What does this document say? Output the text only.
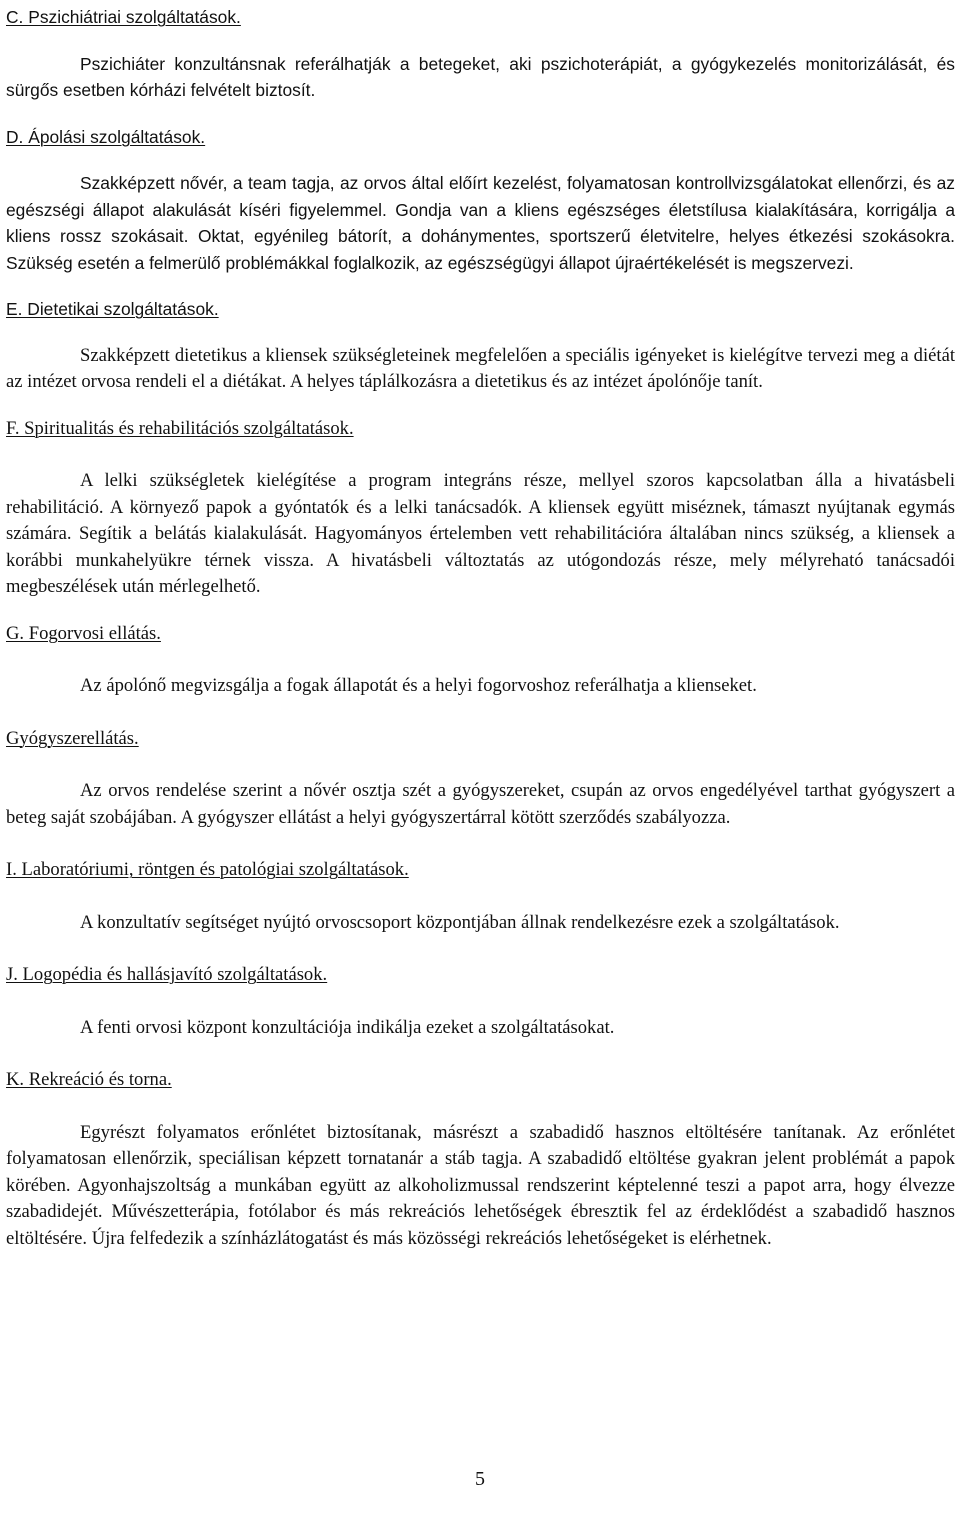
C. Pszichiátriai szolgáltatások.

Pszichiáter konzultánsnak referálhatják a betegeket, aki pszichoterápiát, a gyógykezelés monitorizálását, és sürgős esetben kórházi felvételt biztosít.

D. Ápolási szolgáltatások.

Szakképzett nővér, a team tagja, az orvos által előírt kezelést, folyamatosan kontrollvizsgálatokat ellenőrzi, és az egészségi állapot alakulását kíséri figyelemmel. Gondja van a kliens egészséges életstílusa kialakítására, korrigálja a kliens rossz szokásait. Oktat, egyénileg bátorít, a dohánymentes, sportszerű életvitelre, helyes étkezési szokásokra. Szükség esetén a felmerülő problémákkal foglalkozik, az egészségügyi állapot újraértékelését is megszervezi.

E. Dietetikai szolgáltatások.

Szakképzett dietetikus a kliensek szükségleteinek megfelelően a speciális igényeket is kielégítve tervezi meg a diétát az intézet orvosa rendeli el a diétákat. A helyes táplálkozásra a dietetikus és az intézet ápolónője tanít.

F. Spiritualitás és rehabilitációs szolgáltatások.

A lelki szükségletek kielégítése a program integráns része, mellyel szoros kapcsolatban álla a hivatásbeli rehabilitáció. A környező papok a gyóntatók és a lelki tanácsadók. A kliensek együtt miséznek, támaszt nyújtanak egymás számára. Segítik a belátás kialakulását. Hagyományos értelemben vett rehabilitációra általában nincs szükség, a kliensek a korábbi munkahelyükre térnek vissza. A hivatásbeli változtatás az utógondozás része, mely mélyreható tanácsadói megbeszélések után mérlegelhető.

G. Fogorvosi ellátás.

Az ápolónő megvizsgálja a fogak állapotát és a helyi fogorvoshoz referálhatja a klienseket.

Gyógyszerellátás.

Az orvos rendelése szerint a nővér osztja szét a gyógyszereket, csupán az orvos engedélyével tarthat gyógyszert a beteg saját szobájában. A gyógyszer ellátást a helyi gyógyszertárral kötött szerződés szabályozza.

I. Laboratóriumi, röntgen és patológiai szolgáltatások.

A konzultatív segítséget nyújtó orvoscsoport központjában állnak rendelkezésre ezek a szolgáltatások.

J. Logopédia és hallásjavító szolgáltatások.

A fenti orvosi központ konzultációja indikálja ezeket a szolgáltatásokat.

K. Rekreáció és torna.

Egyrészt folyamatos erőnlétet biztosítanak, másrészt a szabadidő hasznos eltöltésére tanítanak. Az erőnlétet folyamatosan ellenőrzik, speciálisan képzett tornatanár a stáb tagja. A szabadidő eltöltése gyakran jelent problémát a papok körében. Agyonhajszoltság a munkában együtt az alkoholizmussal rendszerint képtelenné teszi a papot arra, hogy élvezze szabadidejét. Művészetterápia, fotólabor és más rekreációs lehetőségek ébresztik fel az érdeklődést a szabadidő hasznos eltöltésére. Újra felfedezik a színházlátogatást és más közösségi rekreációs lehetőségeket is elérhetnek.

5
